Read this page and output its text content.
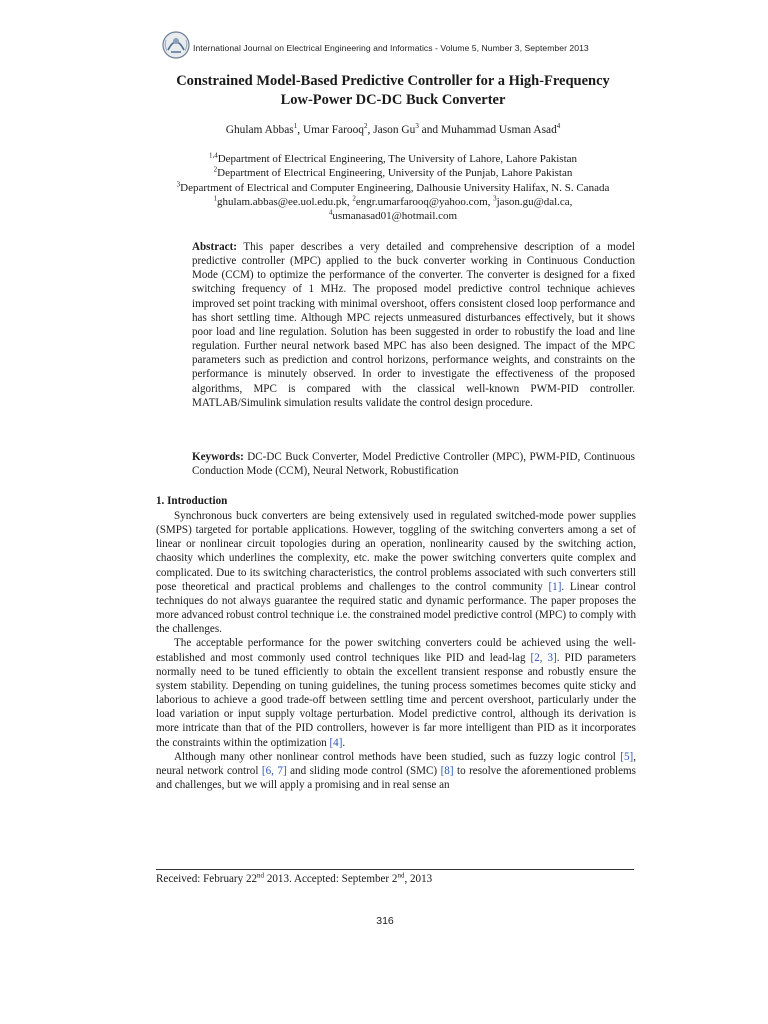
International Journal on Electrical Engineering and Informatics - Volume 5, Number 3, September 2013
Constrained Model-Based Predictive Controller for a High-Frequency
Low-Power DC-DC Buck Converter
Ghulam Abbas$^1$, Umar Farooq$^2$, Jason Gu$^3$ and Muhammad Usman Asad$^4$
$^{1,4}$Department of Electrical Engineering, The University of Lahore, Lahore Pakistan
$^2$Department of Electrical Engineering, University of the Punjab, Lahore Pakistan
$^3$Department of Electrical and Computer Engineering, Dalhousie University Halifax, N. S. Canada
$^1$ghulam.abbas@ee.uol.edu.pk, $^2$engr.umarfarooq@yahoo.com, $^3$jason.gu@dal.ca,
$^4$usmanasad01@hotmail.com
Abstract: This paper describes a very detailed and comprehensive description of a model predictive controller (MPC) applied to the buck converter working in Continuous Conduction Mode (CCM) to optimize the performance of the converter. The converter is designed for a fixed switching frequency of 1 MHz. The proposed model predictive control technique achieves improved set point tracking with minimal overshoot, offers consistent closed loop performance and has short settling time. Although MPC rejects unmeasured disturbances effectively, but it shows poor load and line regulation. Solution has been suggested in order to robustify the load and line regulation. Further neural network based MPC has also been designed. The impact of the MPC parameters such as prediction and control horizons, performance weights, and constraints on the performance is minutely observed. In order to investigate the effectiveness of the proposed algorithms, MPC is compared with the classical well-known PWM-PID controller. MATLAB/Simulink simulation results validate the control design procedure.
Keywords: DC-DC Buck Converter, Model Predictive Controller (MPC), PWM-PID, Continuous Conduction Mode (CCM), Neural Network, Robustification
1. Introduction

Synchronous buck converters are being extensively used in regulated switched-mode power supplies (SMPS) targeted for portable applications. However, toggling of the switching converters among a set of linear or nonlinear circuit topologies during an operation, nonlinearity caused by the switching action, chaosity which underlines the complexity, etc. make the power switching converters quite complex and complicated. Due to its switching characteristics, the control problems associated with such converters still pose theoretical and practical problems and challenges to the control community [1]. Linear control techniques do not always guarantee the required static and dynamic performance. The paper proposes the more advanced robust control technique i.e. the constrained model predictive control (MPC) to comply with the challenges.

The acceptable performance for the power switching converters could be achieved using the well-established and most commonly used control techniques like PID and lead-lag [2, 3]. PID parameters normally need to be tuned efficiently to obtain the excellent transient response and robustly ensure the system stability. Depending on tuning guidelines, the tuning process sometimes becomes quite sticky and laborious to achieve a good trade-off between settling time and percent overshoot, particularly under the load variation or input supply voltage perturbation. Model predictive control, although its derivation is more intricate than that of the PID controllers, however is far more intelligent than PID as it incorporates the constraints within the optimization [4].

Although many other nonlinear control methods have been studied, such as fuzzy logic control [5], neural network control [6, 7] and sliding mode control (SMC) [8] to resolve the aforementioned problems and challenges, but we will apply a promising and in real sense an

Received: February 22nd 2013. Accepted: September 2nd, 2013
316
